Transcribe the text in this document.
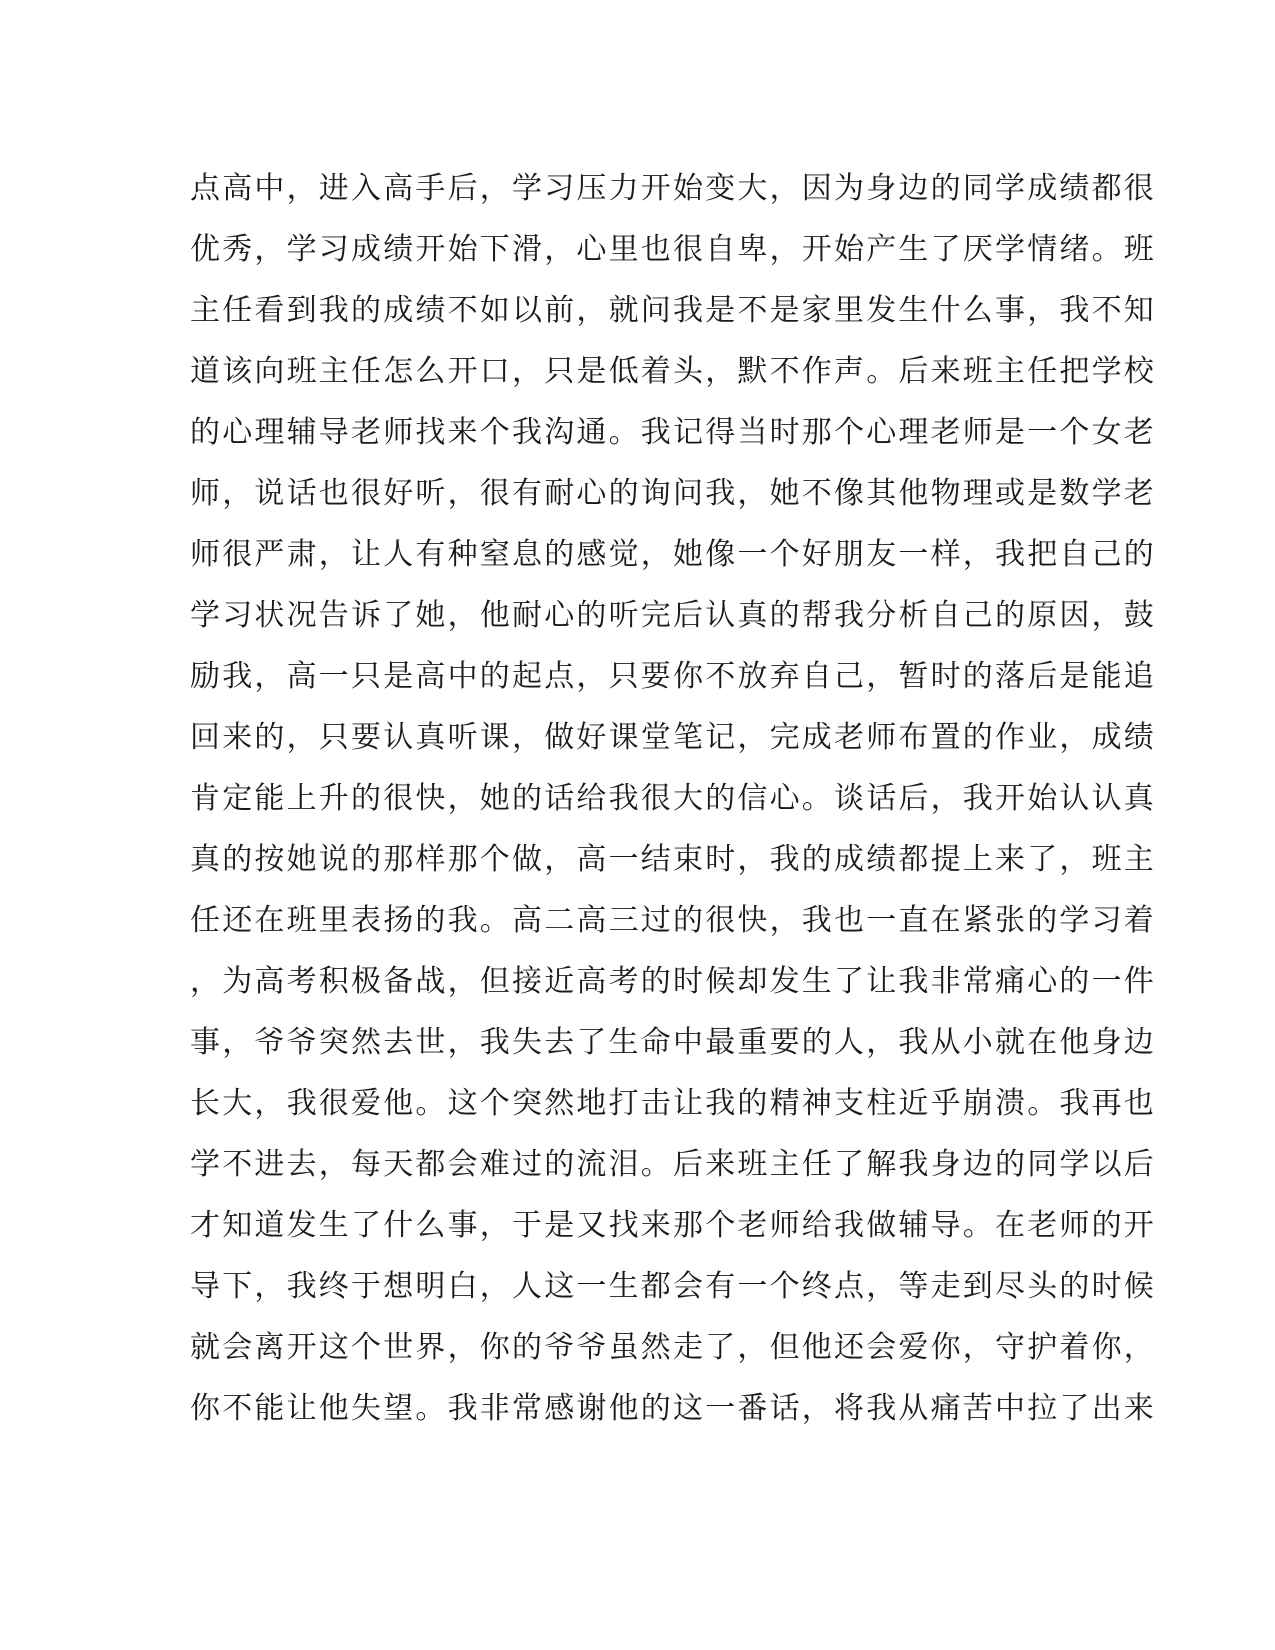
点高中，进入高手后，学习压力开始变大，因为身边的同学成绩都很
优秀，学习成绩开始下滑，心里也很自卑，开始产生了厌学情绪。班
主任看到我的成绩不如以前，就问我是不是家里发生什么事，我不知
道该向班主任怎么开口，只是低着头，默不作声。后来班主任把学校
的心理辅导老师找来个我沟通。我记得当时那个心理老师是一个女老
师，说话也很好听，很有耐心的询问我，她不像其他物理或是数学老
师很严肃，让人有种窒息的感觉，她像一个好朋友一样，我把自己的
学习状况告诉了她，他耐心的听完后认真的帮我分析自己的原因，鼓
励我，高一只是高中的起点，只要你不放弃自己，暂时的落后是能追
回来的，只要认真听课，做好课堂笔记，完成老师布置的作业，成绩
肯定能上升的很快，她的话给我很大的信心。谈话后，我开始认认真
真的按她说的那样那个做，高一结束时，我的成绩都提上来了，班主
任还在班里表扬的我。高二高三过的很快，我也一直在紧张的学习着
，为高考积极备战，但接近高考的时候却发生了让我非常痛心的一件
事，爷爷突然去世，我失去了生命中最重要的人，我从小就在他身边
长大，我很爱他。这个突然地打击让我的精神支柱近乎崩溃。我再也
学不进去，每天都会难过的流泪。后来班主任了解我身边的同学以后
才知道发生了什么事，于是又找来那个老师给我做辅导。在老师的开
导下，我终于想明白，人这一生都会有一个终点，等走到尽头的时候
就会离开这个世界，你的爷爷虽然走了，但他还会爱你，守护着你，
你不能让他失望。我非常感谢他的这一番话，将我从痛苦中拉了出来
